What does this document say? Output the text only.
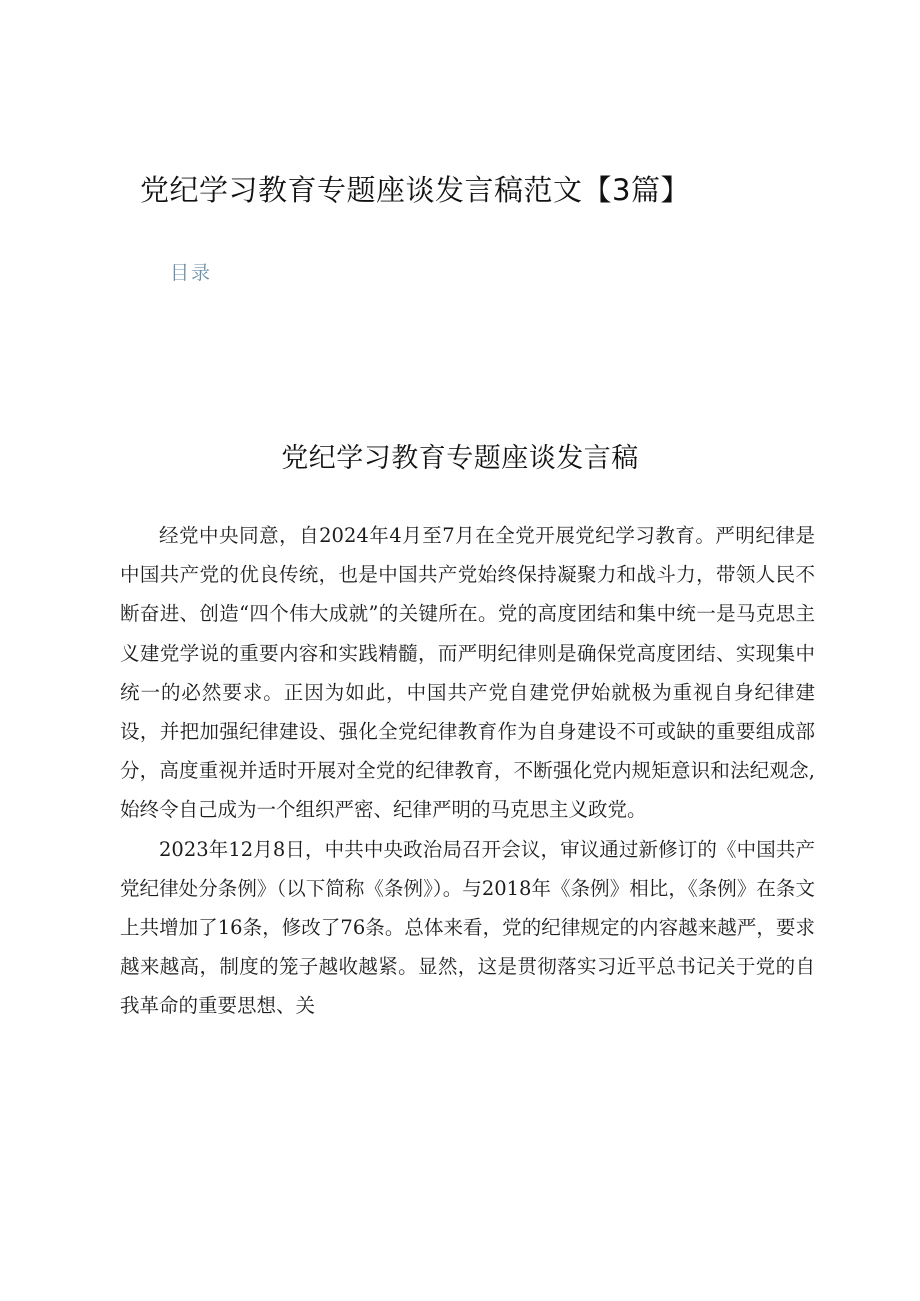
党纪学习教育专题座谈发言稿范文【3篇】
目录
党纪学习教育专题座谈发言稿

经党中央同意，自2024年4月至7月在全党开展党纪学习教育。严明纪律是中国共产党的优良传统，也是中国共产党始终保持凝聚力和战斗力，带领人民不断奋进、创造“四个伟大成就”的关键所在。党的高度团结和集中统一是马克思主义建党学说的重要内容和实践精髓，而严明纪律则是确保党高度团结、实现集中统一的必然要求。正因为如此，中国共产党自建党伊始就极为重视自身纪律建设，并把加强纪律建设、强化全党纪律教育作为自身建设不可或缺的重要组成部分，高度重视并适时开展对全党的纪律教育，不断强化党内规矩意识和法纪观念,始终令自己成为一个组织严密、纪律严明的马克思主义政党。

2023年12月8日，中共中央政治局召开会议，审议通过新修订的《中国共产党纪律处分条例》（以下简称《条例》）。与2018年《条例》相比，《条例》在条文上共增加了16条，修改了76条。总体来看，党的纪律规定的内容越来越严，要求越来越高，制度的笼子越收越紧。显然，这是贯彻落实习近平总书记关于党的自我革命的重要思想、关
